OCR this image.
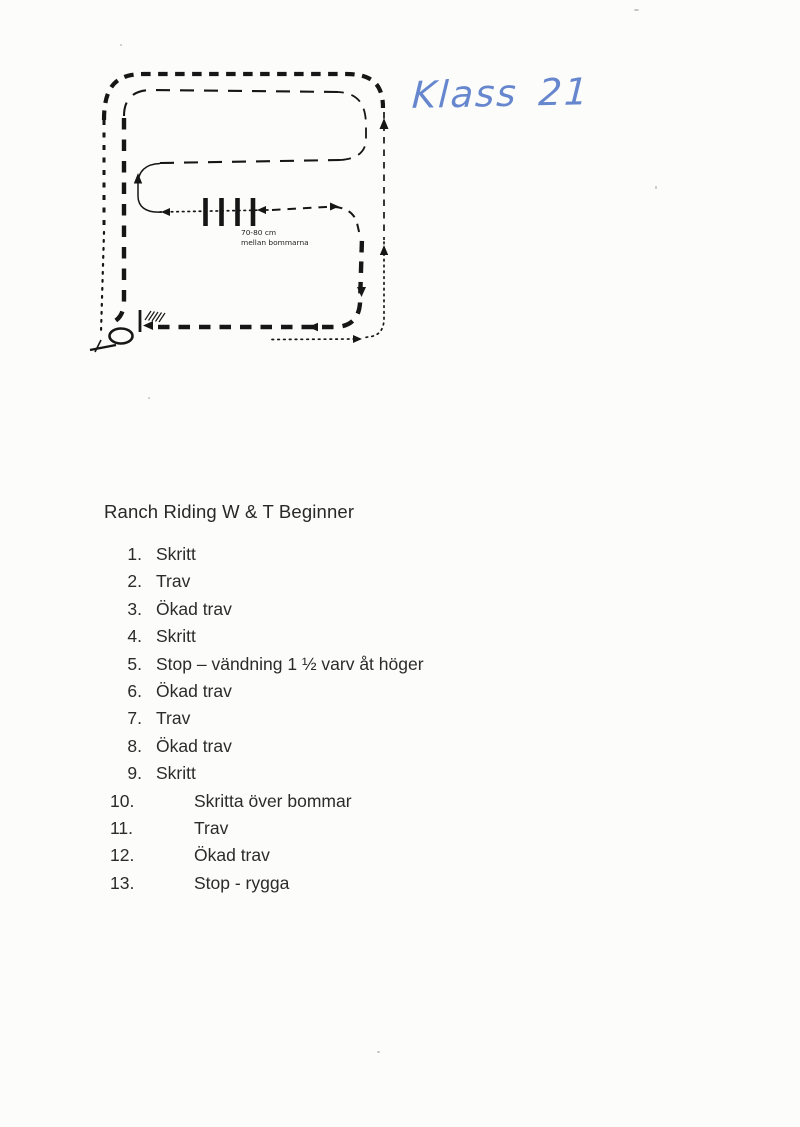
70-80 cm
mellan bommarna
Klass 21
Ranch Riding W & T Beginner
1. Skritt
2. Trav
3. Ökad trav
4. Skritt
5. Stop – vändning 1 ½ varv åt höger
6. Ökad trav
7. Trav
8. Ökad trav
9. Skritt
10.	Skritta över bommar
11.	Trav
12.	Ökad trav
13.	Stop - rygga
